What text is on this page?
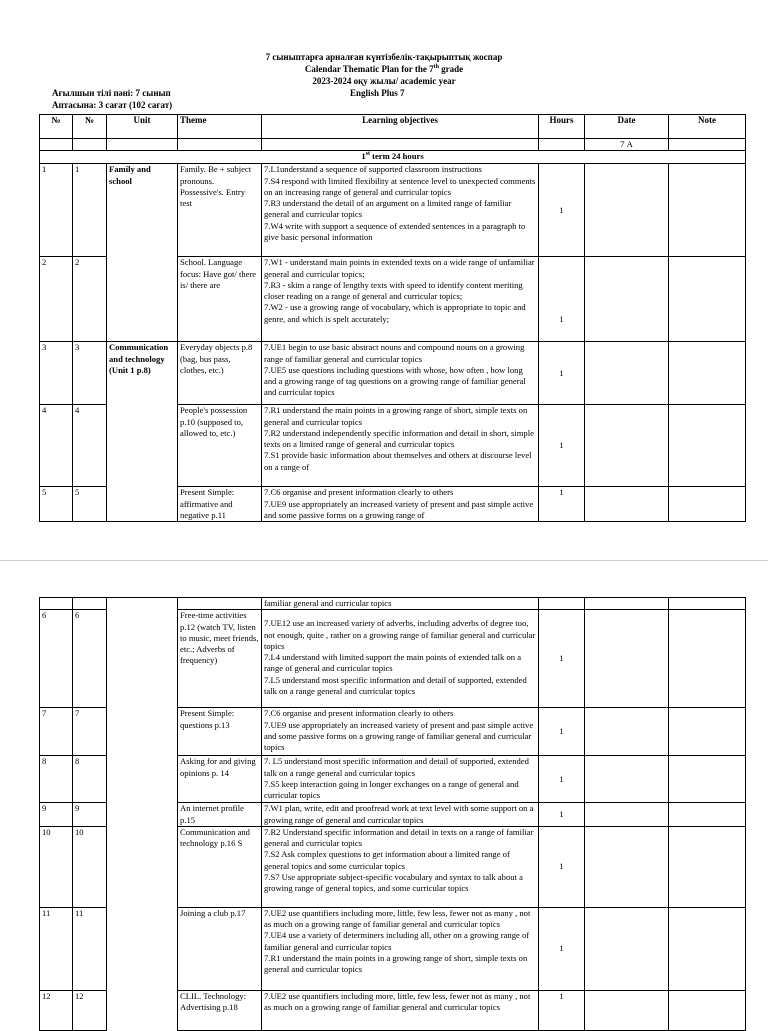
7 сыныптарға арналған күнтізбелік-тақырыптық жоспар
Calendar Thematic Plan for the 7th grade
2023-2024 оқу жылы/ academic year
Ағылшын тілі пәні: 7 сынып	English Plus 7
Аптасына: 3 сағат (102 сағат)
№	№	Unit	Theme	Learning objectives	Hours	Date	Note
						7 А	
1st term 24 hours							
1	1	Family and school	Family. Be + subject pronouns. Possessive's. Entry test	7.L1understand a sequence of supported classroom instructions
7.S4 respond with limited flexibility at sentence level to unexpected comments on an increasing range of general and curricular topics
7.R3 understand the detail of an argument on a limited range of familiar general and curricular topics
7.W4 write with support a sequence of extended sentences in a paragraph to give basic personal information	1		
2	2		School. Language focus: Have got/ there is/ there are	7.W1 - understand main points in extended texts on a wide range of unfamiliar general and curricular topics;
7.R3 - skim a range of lengthy texts with speed to identify content meriting closer reading on a range of general and curricular topics;
7.W2 - use a growing range of vocabulary, which is appropriate to topic and genre, and which is spelt accurately;	1		
3	3	Communication and technology (Unit 1 p.8)	Everyday objects p.8 (bag, bus pass, clothes, etc.)	7.UE1 begin to use basic abstract nouns and compound nouns on a growing range of familiar general and curricular topics
7.UE5 use questions including questions with whose, how often , how long and a growing range of tag questions on a growing range of familiar general and curricular topics	1		
4	4		People's possession p.10 (supposed to, allowed to, etc.)	7.R1 understand the main points in a growing range of short, simple texts on general and curricular topics
7.R2 understand independently specific information and detail in short, simple texts on a limited range of general and curricular topics
7.S1 provide basic information about themselves and others at discourse level on a range of	1		
5	5		Present Simple: affirmative and negative p.11	7.C6 organise and present information clearly to others
7.UE9 use appropriately an increased variety of present and past simple active and some passive forms on a growing range of	1		
				familiar general and curricular topics			
6	6		Free-time activities p.12 (watch TV, listen to music, meet friends, etc.; Adverbs of frequency)	7.UE12 use an increased variety of adverbs, including adverbs of degree too, not enough, quite , rather on a growing range of familiar general and curricular topics
7.L4 understand with limited support the main points of extended talk on a range of general and curricular topics
7.L5 understand most specific information and detail of supported, extended talk on a range general and curricular topics	1		
7	7		Present Simple: questions p.13	7.C6 organise and present information clearly to others
7.UE9 use appropriately an increased variety of present and past simple active and some passive forms on a growing range of familiar general and curricular topics	1		
8	8		Asking for and giving opinions p. 14	7. L5 understand most specific information and detail of supported, extended talk on a range general and curricular topics
7.S5 keep interaction going in longer exchanges on a range of general and curricular topics	1		
9	9		An internet profile p.15	7.W1 plan, write, edit and proofread work at text level with some support on a growing range of general and curricular topics	1		
10	10		Communication and technology p.16 S	7.R2 Understand specific information and detail in texts on a range of familiar general and curricular topics
7.S2 Ask complex questions to get information about a limited range of general topics and some curricular topics
7.S7 Use appropriate subject-specific vocabulary and syntax to talk about a growing range of general topics, and some curricular topics	1		
11	11		Joining a club p.17	7.UE2 use quantifiers including more, little, few less, fewer not as many , not as much on a growing range of familiar general and curricular topics
7.UE4 use a variety of determiners including all, other on a growing range of familiar general and curricular topics
7.R1 understand the main points in a growing range of short, simple texts on general and curricular topics	1		
12	12		CLIL. Technology: Advertising p.18	7.UE2 use quantifiers including more, little, few less, fewer not as many , not as much on a growing range of familiar general and curricular topics	1		
